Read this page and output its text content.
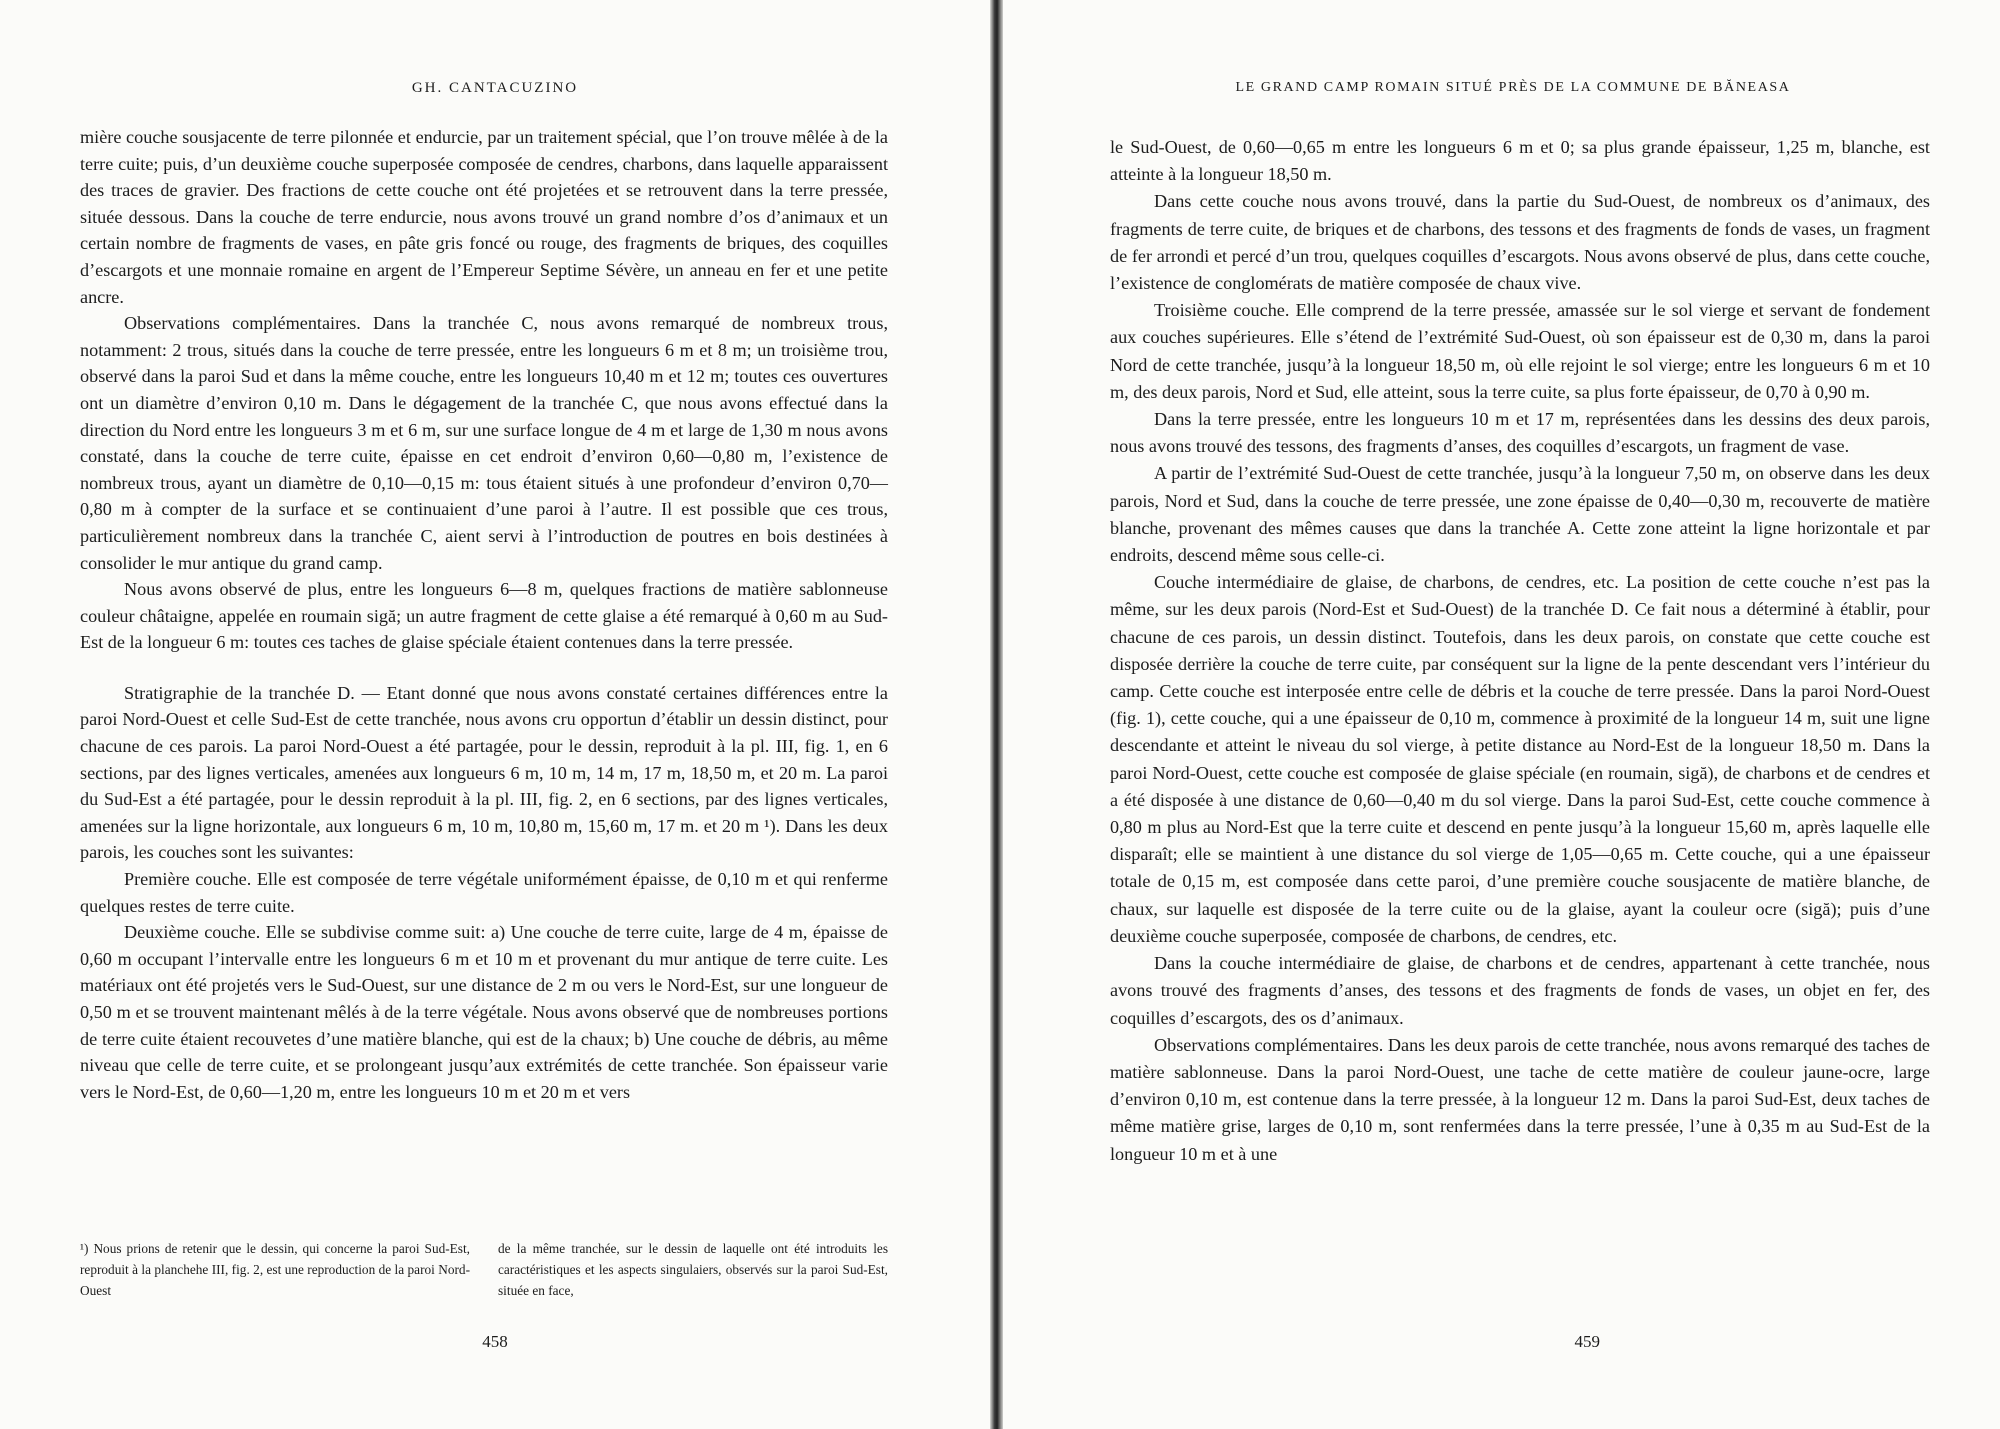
GH. CANTACUZINO

mière couche sousjacente de terre pilonnée et endurcie, par un traitement spécial, que l’on trouve mêlée à de la terre cuite; puis, d’un deuxième couche superposée composée de cendres, charbons, dans laquelle apparaissent des traces de gravier. Des fractions de cette couche ont été projetées et se retrouvent dans la terre pressée, située dessous. Dans la couche de terre endurcie, nous avons trouvé un grand nombre d’os d’animaux et un certain nombre de fragments de vases, en pâte gris foncé ou rouge, des fragments de briques, des coquilles d’escargots et une monnaie romaine en argent de l’Empereur Septime Sévère, un anneau en fer et une petite ancre.

Observations complémentaires. Dans la tranchée C, nous avons remarqué de nombreux trous, notamment: 2 trous, situés dans la couche de terre pressée, entre les longueurs 6 m et 8 m; un troisième trou, observé dans la paroi Sud et dans la même couche, entre les longueurs 10,40 m et 12 m; toutes ces ouvertures ont un diamètre d’environ 0,10 m. Dans le dégagement de la tranchée C, que nous avons effectué dans la direction du Nord entre les longueurs 3 m et 6 m, sur une surface longue de 4 m et large de 1,30 m nous avons constaté, dans la couche de terre cuite, épaisse en cet endroit d’environ 0,60—0,80 m, l’existence de nombreux trous, ayant un diamètre de 0,10—0,15 m: tous étaient situés à une profondeur d’environ 0,70—0,80 m à compter de la surface et se continuaient d’une paroi à l’autre. Il est possible que ces trous, particulièrement nombreux dans la tranchée C, aient servi à l’introduction de poutres en bois destinées à consolider le mur antique du grand camp.

Nous avons observé de plus, entre les longueurs 6—8 m, quelques fractions de matière sablonneuse couleur châtaigne, appelée en roumain sigă; un autre fragment de cette glaise a été remarqué à 0,60 m au Sud-Est de la longueur 6 m: toutes ces taches de glaise spéciale étaient contenues dans la terre pressée.

Stratigraphie de la tranchée D. — Etant donné que nous avons constaté certaines différences entre la paroi Nord-Ouest et celle Sud-Est de cette tranchée, nous avons cru opportun d’établir un dessin distinct, pour chacune de ces parois. La paroi Nord-Ouest a été partagée, pour le dessin, reproduit à la pl. III, fig. 1, en 6 sections, par des lignes verticales, amenées aux longueurs 6 m, 10 m, 14 m, 17 m, 18,50 m, et 20 m. La paroi du Sud-Est a été partagée, pour le dessin reproduit à la pl. III, fig. 2, en 6 sections, par des lignes verticales, amenées sur la ligne horizontale, aux longueurs 6 m, 10 m, 10,80 m, 15,60 m, 17 m. et 20 m ¹). Dans les deux parois, les couches sont les suivantes:

Première couche. Elle est composée de terre végétale uniformément épaisse, de 0,10 m et qui renferme quelques restes de terre cuite.

Deuxième couche. Elle se subdivise comme suit: a) Une couche de terre cuite, large de 4 m, épaisse de 0,60 m occupant l’intervalle entre les longueurs 6 m et 10 m et provenant du mur antique de terre cuite. Les matériaux ont été projetés vers le Sud-Ouest, sur une distance de 2 m ou vers le Nord-Est, sur une longueur de 0,50 m et se trouvent maintenant mêlés à de la terre végétale. Nous avons observé que de nombreuses portions de terre cuite étaient recouvetes d’une matière blanche, qui est de la chaux; b) Une couche de débris, au même niveau que celle de terre cuite, et se prolongeant jusqu’aux extrémités de cette tranchée. Son épaisseur varie vers le Nord-Est, de 0,60—1,20 m, entre les longueurs 10 m et 20 m et vers

¹) Nous prions de retenir que le dessin, qui concerne la paroi Sud-Est, reproduit à la planchehe III, fig. 2, est une reproduction de la paroi Nord-Ouest
de la même tranchée, sur le dessin de laquelle ont été introduits les caractéristiques et les aspects singulaiers, observés sur la paroi Sud-Est, située en face,
458
LE GRAND CAMP ROMAIN SITUÉ PRÈS DE LA COMMUNE DE BĂNEASA

le Sud-Ouest, de 0,60—0,65 m entre les longueurs 6 m et 0; sa plus grande épaisseur, 1,25 m, blanche, est atteinte à la longueur 18,50 m.

Dans cette couche nous avons trouvé, dans la partie du Sud-Ouest, de nombreux os d’animaux, des fragments de terre cuite, de briques et de charbons, des tessons et des fragments de fonds de vases, un fragment de fer arrondi et percé d’un trou, quelques coquilles d’escargots. Nous avons observé de plus, dans cette couche, l’existence de conglomérats de matière composée de chaux vive.

Troisième couche. Elle comprend de la terre pressée, amassée sur le sol vierge et servant de fondement aux couches supérieures. Elle s’étend de l’extrémité Sud-Ouest, où son épaisseur est de 0,30 m, dans la paroi Nord de cette tranchée, jusqu’à la longueur 18,50 m, où elle rejoint le sol vierge; entre les longueurs 6 m et 10 m, des deux parois, Nord et Sud, elle atteint, sous la terre cuite, sa plus forte épaisseur, de 0,70 à 0,90 m.

Dans la terre pressée, entre les longueurs 10 m et 17 m, représentées dans les dessins des deux parois, nous avons trouvé des tessons, des fragments d’anses, des coquilles d’escargots, un fragment de vase.

A partir de l’extrémité Sud-Ouest de cette tranchée, jusqu’à la longueur 7,50 m, on observe dans les deux parois, Nord et Sud, dans la couche de terre pressée, une zone épaisse de 0,40—0,30 m, recouverte de matière blanche, provenant des mêmes causes que dans la tranchée A. Cette zone atteint la ligne horizontale et par endroits, descend même sous celle-ci.

Couche intermédiaire de glaise, de charbons, de cendres, etc. La position de cette couche n’est pas la même, sur les deux parois (Nord-Est et Sud-Ouest) de la tranchée D. Ce fait nous a déterminé à établir, pour chacune de ces parois, un dessin distinct. Toutefois, dans les deux parois, on constate que cette couche est disposée derrière la couche de terre cuite, par conséquent sur la ligne de la pente descendant vers l’intérieur du camp. Cette couche est interposée entre celle de débris et la couche de terre pressée. Dans la paroi Nord-Ouest (fig. 1), cette couche, qui a une épaisseur de 0,10 m, commence à proximité de la longueur 14 m, suit une ligne descendante et atteint le niveau du sol vierge, à petite distance au Nord-Est de la longueur 18,50 m. Dans la paroi Nord-Ouest, cette couche est composée de glaise spéciale (en roumain, sigă), de charbons et de cendres et a été disposée à une distance de 0,60—0,40 m du sol vierge. Dans la paroi Sud-Est, cette couche commence à 0,80 m plus au Nord-Est que la terre cuite et descend en pente jusqu’à la longueur 15,60 m, après laquelle elle disparaît; elle se maintient à une distance du sol vierge de 1,05—0,65 m. Cette couche, qui a une épaisseur totale de 0,15 m, est composée dans cette paroi, d’une première couche sousjacente de matière blanche, de chaux, sur laquelle est disposée de la terre cuite ou de la glaise, ayant la couleur ocre (sigă); puis d’une deuxième couche superposée, composée de charbons, de cendres, etc.

Dans la couche intermédiaire de glaise, de charbons et de cendres, appartenant à cette tranchée, nous avons trouvé des fragments d’anses, des tessons et des fragments de fonds de vases, un objet en fer, des coquilles d’escargots, des os d’animaux.

Observations complémentaires. Dans les deux parois de cette tranchée, nous avons remarqué des taches de matière sablonneuse. Dans la paroi Nord-Ouest, une tache de cette matière de couleur jaune-ocre, large d’environ 0,10 m, est contenue dans la terre pressée, à la longueur 12 m. Dans la paroi Sud-Est, deux taches de même matière grise, larges de 0,10 m, sont renfermées dans la terre pressée, l’une à 0,35 m au Sud-Est de la longueur 10 m et à une

459
